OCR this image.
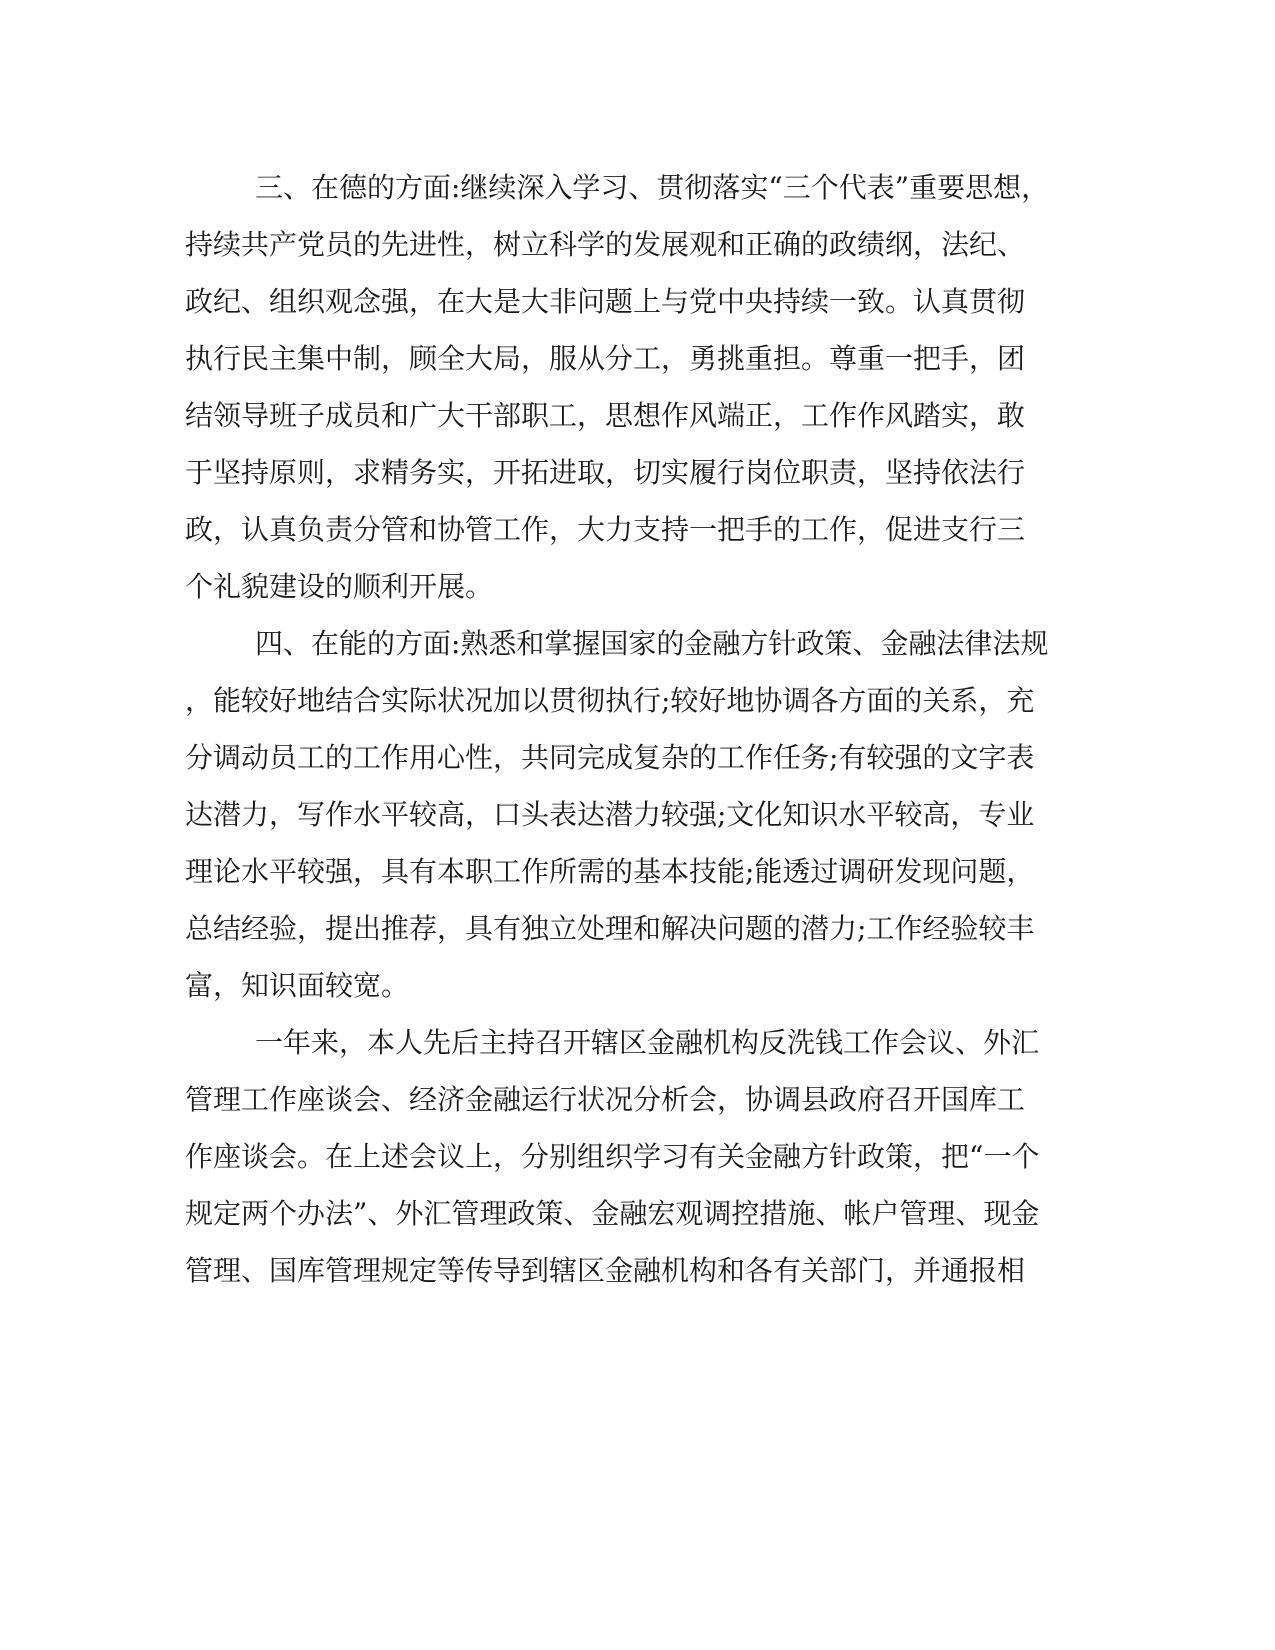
三、在德的方面:继续深入学习、贯彻落实“三个代表”重要思想，
持续共产党员的先进性，树立科学的发展观和正确的政绩纲，法纪、
政纪、组织观念强，在大是大非问题上与党中央持续一致。认真贯彻
执行民主集中制，顾全大局，服从分工，勇挑重担。尊重一把手，团
结领导班子成员和广大干部职工，思想作风端正，工作作风踏实，敢
于坚持原则，求精务实，开拓进取，切实履行岗位职责，坚持依法行
政，认真负责分管和协管工作，大力支持一把手的工作，促进支行三
个礼貌建设的顺利开展。
四、在能的方面:熟悉和掌握国家的金融方针政策、金融法律法规
，能较好地结合实际状况加以贯彻执行;较好地协调各方面的关系，充
分调动员工的工作用心性，共同完成复杂的工作任务;有较强的文字表
达潜力，写作水平较高，口头表达潜力较强;文化知识水平较高，专业
理论水平较强，具有本职工作所需的基本技能;能透过调研发现问题，
总结经验，提出推荐，具有独立处理和解决问题的潜力;工作经验较丰
富，知识面较宽。
一年来，本人先后主持召开辖区金融机构反洗钱工作会议、外汇
管理工作座谈会、经济金融运行状况分析会，协调县政府召开国库工
作座谈会。在上述会议上，分别组织学习有关金融方针政策，把“一个
规定两个办法”、外汇管理政策、金融宏观调控措施、帐户管理、现金
管理、国库管理规定等传导到辖区金融机构和各有关部门，并通报相
